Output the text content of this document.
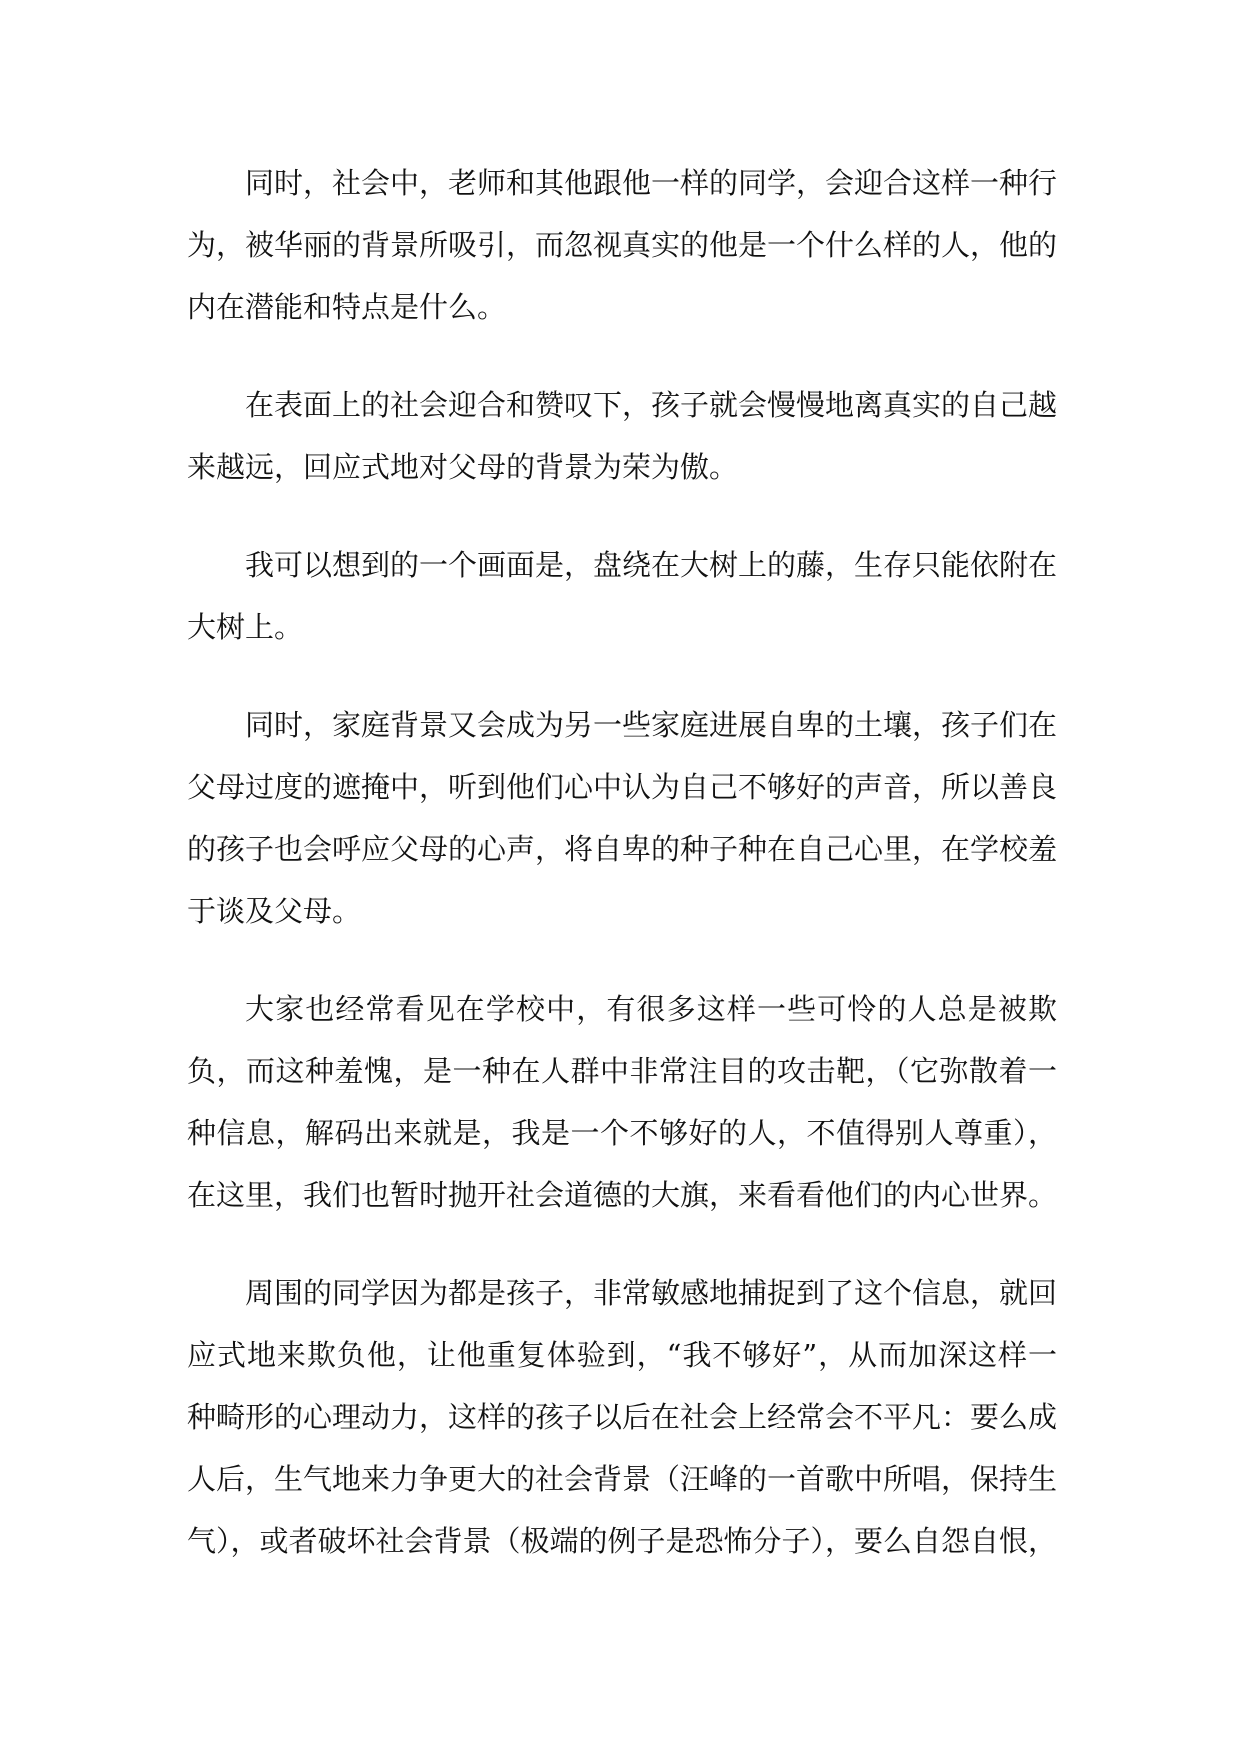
同时，社会中，老师和其他跟他一样的同学，会迎合这样一种行为，被华丽的背景所吸引，而忽视真实的他是一个什么样的人，他的内在潜能和特点是什么。

在表面上的社会迎合和赞叹下，孩子就会慢慢地离真实的自己越来越远，回应式地对父母的背景为荣为傲。

我可以想到的一个画面是，盘绕在大树上的藤，生存只能依附在大树上。

同时，家庭背景又会成为另一些家庭进展自卑的土壤，孩子们在父母过度的遮掩中，听到他们心中认为自己不够好的声音，所以善良的孩子也会呼应父母的心声，将自卑的种子种在自己心里，在学校羞于谈及父母。

大家也经常看见在学校中，有很多这样一些可怜的人总是被欺负，而这种羞愧，是一种在人群中非常注目的攻击靶，（它弥散着一种信息，解码出来就是，我是一个不够好的人，不值得别人尊重），在这里，我们也暂时抛开社会道德的大旗，来看看他们的内心世界。

周围的同学因为都是孩子，非常敏感地捕捉到了这个信息，就回应式地来欺负他，让他重复体验到，“我不够好”，从而加深这样一种畸形的心理动力，这样的孩子以后在社会上经常会不平凡：要么成人后，生气地来力争更大的社会背景（汪峰的一首歌中所唱，保持生气），或者破坏社会背景（极端的例子是恐怖分子），要么自怨自恨，
